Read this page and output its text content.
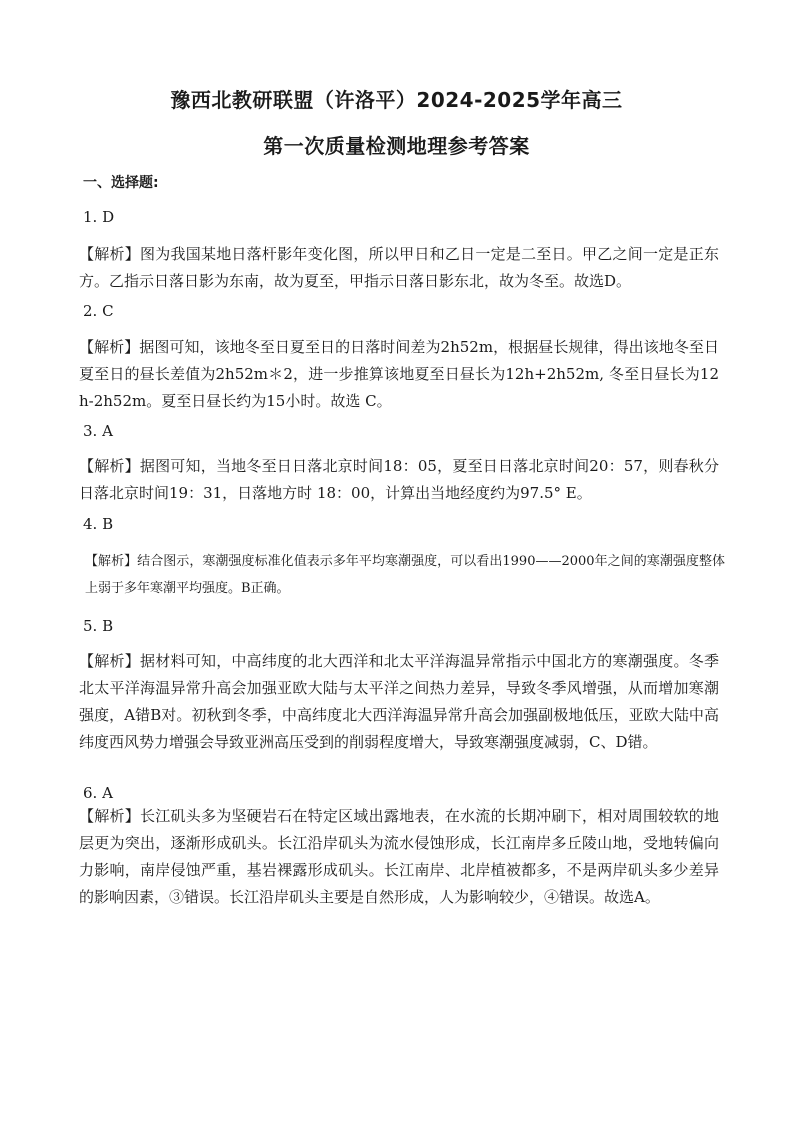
豫西北教研联盟（许洛平）2024-2025学年高三
第一次质量检测地理参考答案
一、选择题:
1. D
【解析】图为我国某地日落杆影年变化图，所以甲日和乙日一定是二至日。甲乙之间一定是正东方。乙指示日落日影为东南，故为夏至，甲指示日落日影东北，故为冬至。故选D。
2. C
【解析】据图可知，该地冬至日夏至日的日落时间差为2h52m，根据昼长规律，得出该地冬至日夏至日的昼长差值为2h52m＊2，进一步推算该地夏至日昼长为12h+2h52m, 冬至日昼长为12h-2h52m。夏至日昼长约为15小时。故选 C。
3. A
【解析】据图可知，当地冬至日日落北京时间18：05，夏至日日落北京时间20：57，则春秋分日落北京时间19：31，日落地方时 18：00，计算出当地经度约为97.5° E。
4. B
【解析】结合图示，寒潮强度标准化值表示多年平均寒潮强度，可以看出1990——2000年之间的寒潮强度整体上弱于多年寒潮平均强度。B正确。
5. B
【解析】据材料可知，中高纬度的北大西洋和北太平洋海温异常指示中国北方的寒潮强度。冬季北太平洋海温异常升高会加强亚欧大陆与太平洋之间热力差异，导致冬季风增强，从而增加寒潮强度，A错B对。初秋到冬季，中高纬度北大西洋海温异常升高会加强副极地低压，亚欧大陆中高纬度西风势力增强会导致亚洲高压受到的削弱程度增大，导致寒潮强度减弱，C、D错。
6. A
【解析】长江矶头多为坚硬岩石在特定区域出露地表，在水流的长期冲刷下，相对周围较软的地层更为突出，逐渐形成矶头。长江沿岸矶头为流水侵蚀形成，长江南岸多丘陵山地，受地转偏向力影响，南岸侵蚀严重，基岩裸露形成矶头。长江南岸、北岸植被都多，不是两岸矶头多少差异的影响因素，③错误。长江沿岸矶头主要是自然形成，人为影响较少，④错误。故选A。
